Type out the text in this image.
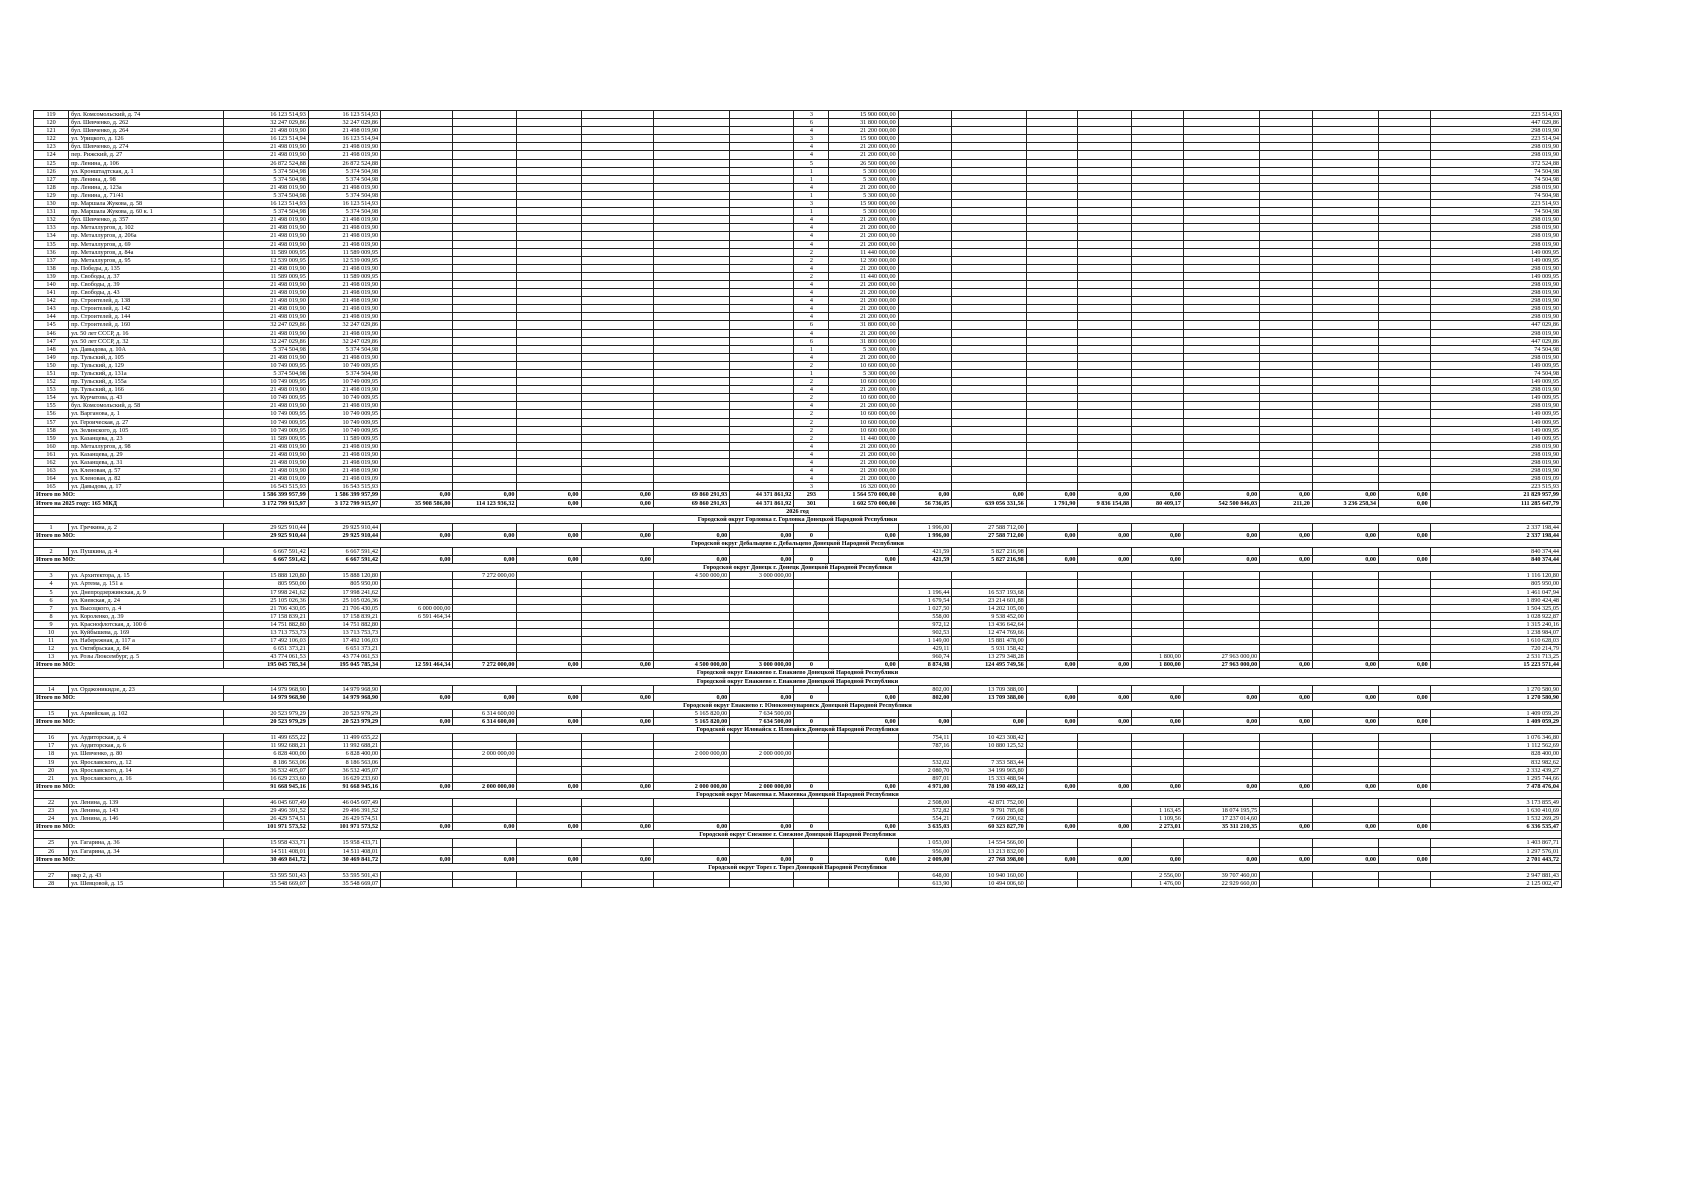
119	бул. Комсомольский, д. 74	16 123 514,93	16 123 514,93							3	15 900 000,00										223 514,93
120	бул. Шевченко, д. 262	32 247 029,86	32 247 029,86							6	31 800 000,00										447 029,86
121	бул. Шевченко, д. 264	21 498 019,90	21 498 019,90							4	21 200 000,00										298 019,90
122	ул. Урицкого, д. 126	16 123 514,94	16 123 514,94							3	15 900 000,00										223 514,94
123	бул. Шевченко, д. 274	21 498 019,90	21 498 019,90							4	21 200 000,00										298 019,90
124	пер. Рижский, д. 27	21 498 019,90	21 498 019,90							4	21 200 000,00										298 019,90
125	пр. Ленина, д. 106	26 872 524,88	26 872 524,88							5	26 500 000,00										372 524,88
126	ул. Кронштадтская, д. 1	5 374 504,98	5 374 504,98							1	5 300 000,00										74 504,98
127	пр. Ленина, д. 98	5 374 504,98	5 374 504,98							1	5 300 000,00										74 504,98
128	пр. Ленина, д. 123а	21 498 019,90	21 498 019,90							4	21 200 000,00										298 019,90
129	пр. Ленина, д. 71/41	5 374 504,98	5 374 504,98							1	5 300 000,00										74 504,98
130	пр. Маршала Жукова, д. 58	16 123 514,93	16 123 514,93							3	15 900 000,00										223 514,93
131	пр. Маршала Жукова, д. 60 к. 1	5 374 504,98	5 374 504,98							1	5 300 000,00										74 504,98
132	бул. Шевченко, д. 357	21 498 019,90	21 498 019,90							4	21 200 000,00										298 019,90
133	пр. Металлургов, д. 102	21 498 019,90	21 498 019,90							4	21 200 000,00										298 019,90
134	пр. Металлургов, д. 206а	21 498 019,90	21 498 019,90							4	21 200 000,00										298 019,90
135	пр. Металлургов, д. 69	21 498 019,90	21 498 019,90							4	21 200 000,00										298 019,90
136	пр. Металлургов, д. 84а	11 589 009,95	11 589 009,95							2	11 440 000,00										149 009,95
137	пр. Металлургов, д. 95	12 539 009,95	12 539 009,95							2	12 390 000,00										149 009,95
138	пр. Победы, д. 135	21 498 019,90	21 498 019,90							4	21 200 000,00										298 019,90
139	пр. Свободы, д. 37	11 589 009,95	11 589 009,95							2	11 440 000,00										149 009,95
140	пр. Свободы, д. 39	21 498 019,90	21 498 019,90							4	21 200 000,00										298 019,90
141	пр. Свободы, д. 43	21 498 019,90	21 498 019,90							4	21 200 000,00										298 019,90
142	пр. Строителей, д. 138	21 498 019,90	21 498 019,90							4	21 200 000,00										298 019,90
143	пр. Строителей, д. 142	21 498 019,90	21 498 019,90							4	21 200 000,00										298 019,90
144	пр. Строителей, д. 144	21 498 019,90	21 498 019,90							4	21 200 000,00										298 019,90
145	пр. Строителей, д. 160	32 247 029,86	32 247 029,86							6	31 800 000,00										447 029,86
146	ул. 50 лет СССР, д. 16	21 498 019,90	21 498 019,90							4	21 200 000,00										298 019,90
147	ул. 50 лет СССР, д. 32	32 247 029,86	32 247 029,86							6	31 800 000,00										447 029,86
148	ул. Давыдова, д. 10А	5 374 504,98	5 374 504,98							1	5 300 000,00										74 504,98
149	пр. Тульский, д. 105	21 498 019,90	21 498 019,90							4	21 200 000,00										298 019,90
150	пр. Тульский, д. 129	10 749 009,95	10 749 009,95							2	10 600 000,00										149 009,95
151	пр. Тульский, д. 131а	5 374 504,98	5 374 504,98							1	5 300 000,00										74 504,98
152	пр. Тульский, д. 155а	10 749 009,95	10 749 009,95							2	10 600 000,00										149 009,95
153	пр. Тульский, д. 166	21 498 019,90	21 498 019,90							4	21 200 000,00										298 019,90
154	ул. Курчатова, д. 43	10 749 009,95	10 749 009,95							2	10 600 000,00										149 009,95
155	бул. Комсомольский, д. 58	21 498 019,90	21 498 019,90							4	21 200 000,00										298 019,90
156	ул. Варганова, д. 1	10 749 009,95	10 749 009,95							2	10 600 000,00										149 009,95
157	ул. Героическая, д. 27	10 749 009,95	10 749 009,95							2	10 600 000,00										149 009,95
158	ул. Зелинского, д. 105	10 749 009,95	10 749 009,95							2	10 600 000,00										149 009,95
159	ул. Казанцева, д. 23	11 589 009,95	11 589 009,95							2	11 440 000,00										149 009,95
160	пр. Металлургов, д. 98	21 498 019,90	21 498 019,90							4	21 200 000,00										298 019,90
161	ул. Казанцева, д. 29	21 498 019,90	21 498 019,90							4	21 200 000,00										298 019,90
162	ул. Казанцева, д. 31	21 498 019,90	21 498 019,90							4	21 200 000,00										298 019,90
163	ул. Кленовая, д. 57	21 498 019,90	21 498 019,90							4	21 200 000,00										298 019,90
164	ул. Кленовая, д. 82	21 498 019,09	21 498 019,09							4	21 200 000,00										298 019,09
165	ул. Давыдова, д. 17	16 543 515,93	16 543 515,93							3	16 320 000,00										223 515,93
Итого по МО:		1 586 399 957,99	1 586 399 957,99	0,00	0,00	0,00	0,00	69 860 291,93	44 371 861,92	293	1 564 570 000,00	0,00	0,00	0,00	0,00	0,00	0,00	0,00	0,00	0,00	21 829 957,99
Итого на 2025 году: 165 МКД		3 172 799 915,97	3 172 799 915,97	35 908 586,80	114 123 936,32	0,00	0,00	69 860 291,93	44 371 861,92	301	1 602 570 000,00	56 736,05	639 056 331,56	1 791,90	9 836 154,88	80 409,17	542 500 846,03	211,20	3 236 258,34	0,00	111 285 647,79
2026 год																					
Городской округ Горловка г. Горловка Донецкой Народной Республики																					
1	ул. Гречкина, д. 2	29 925 910,44	29 925 910,44									1 996,00	27 588 712,00								2 337 198,44
Итого по МО:		29 925 910,44	29 925 910,44	0,00	0,00	0,00	0,00	0,00	0,00	0	0,00	1 996,00	27 588 712,00	0,00	0,00	0,00	0,00	0,00	0,00	0,00	2 337 198,44
Городской округ Дебальцево г. Дебальцево Донецкой Народной Республики																					
2	ул. Пушкина, д. 4	6 667 591,42	6 667 591,42									421,59	5 827 216,98								840 374,44
Итого по МО:		6 667 591,42	6 667 591,42	0,00	0,00	0,00	0,00	0,00	0,00	0	0,00	421,59	5 827 216,98	0,00	0,00	0,00	0,00	0,00	0,00	0,00	840 374,44
Городской округ Донецк г. Донецк Донецкой Народной Республики																					
3	ул. Архитектора, д. 15	15 888 120,80	15 888 120,80		7 272 000,00			4 500 000,00	3 000 000,00												1 116 120,80
4	ул. Артема, д. 151 а	805 950,00	805 950,00																		805 950,00
5	ул. Днепродзержинская, д. 9	17 998 241,62	17 998 241,62									1 196,44	16 537 193,68								1 461 047,94
6	ул. Киевская, д. 24	25 105 026,36	25 105 026,36									1 679,54	23 214 601,88								1 890 424,48
7	ул. Высоцкого, д. 4	21 706 430,05	21 706 430,05	6 000 000,00								1 027,50	14 202 105,00								1 504 325,05
8	ул. Короленко, д. 39	17 158 839,21	17 158 839,21	6 591 464,34								558,00	9 538 452,00								1 028 922,87
9	ул. Краснофлотская, д. 100 б	14 751 882,80	14 751 882,80									972,12	13 436 642,64								1 315 240,16
10	ул. Куйбышева, д. 169	13 713 753,73	13 713 753,73									902,53	12 474 769,66								1 238 984,07
11	ул. Набережная, д. 117 а	17 492 106,03	17 492 106,03									1 149,00	15 881 478,00								1 610 628,03
12	ул. Октябрьская, д. 84	6 651 373,21	6 651 373,21									429,11	5 931 158,42								720 214,79
13	ул. Розы Люксембург, д. 5	43 774 061,53	43 774 061,53									960,74	13 279 348,28			1 800,00	27 963 000,00				2 531 713,25
Итого по МО:		195 045 785,34	195 045 785,34	12 591 464,34	7 272 000,00	0,00	0,00	4 500 000,00	3 000 000,00	0	0,00	8 874,98	124 495 749,56	0,00	0,00	1 800,00	27 963 000,00	0,00	0,00	0,00	15 223 571,44
Городской округ Енакиево г. Енакиево Донецкой Народной Республики																					
Городской округ Енакиево г. Енакиево Донецкой Народной Республики																					
14	ул. Орджоникидзе, д. 23	14 979 968,90	14 979 968,90									802,00	13 709 388,00								1 270 580,90
Итого по МО:		14 979 968,90	14 979 968,90	0,00	0,00	0,00	0,00	0,00	0,00	0	0,00	802,00	13 709 388,00	0,00	0,00	0,00	0,00	0,00	0,00	0,00	1 270 580,90
Городской округ Енакиево г. Юнокоммунаровск Донецкой Народной Республики																					
15	ул. Армейская, д. 102	20 523 979,29	20 523 979,29		6 314 600,00			5 165 820,00	7 634 500,00												1 409 059,29
Итого по МО:		20 523 979,29	20 523 979,29	0,00	6 314 600,00	0,00	0,00	5 165 820,00	7 634 500,00	0	0,00	0,00	0,00	0,00	0,00	0,00	0,00	0,00	0,00	0,00	1 409 059,29
Городской округ Иловайск г. Иловайск Донецкой Народной Республики																					
16	ул. Аудиторская, д. 4	11 499 655,22	11 499 655,22									754,11	10 423 308,42								1 076 346,80
17	ул. Аудиторская, д. 6	11 992 688,21	11 992 688,21									787,16	10 880 125,52								1 112 562,69
18	ул. Шевченко, д. 80	6 828 400,00	6 828 400,00		2 000 000,00			2 000 000,00	2 000 000,00												828 400,00
19	ул. Ярославского, д. 12	8 186 563,06	8 186 563,06									532,02	7 353 583,44								832 982,62
20	ул. Ярославского, д. 14	36 532 405,07	36 532 405,07									2 080,70	34 199 965,80								2 332 439,27
21	ул. Ярославского, д. 16	16 629 233,60	16 629 233,60									897,01	15 333 488,94								1 295 744,66
Итого по МО:		91 668 945,16	91 668 945,16	0,00	2 000 000,00	0,00	0,00	2 000 000,00	2 000 000,00	0	0,00	4 971,00	78 190 469,12	0,00	0,00	0,00	0,00	0,00	0,00	0,00	7 478 476,04
Городской округ Макеевка г. Макеевка Донецкой Народной Республики																					
22	ул. Ленина, д. 139	46 045 607,49	46 045 607,49									2 508,00	42 871 752,00								3 173 855,49
23	ул. Ленина, д. 143	29 496 391,52	29 496 391,52									572,82	9 791 785,08			1 163,45	18 074 195,75				1 630 410,69
24	ул. Ленина, д. 146	26 429 574,51	26 429 574,51									554,21	7 660 290,62			1 109,56	17 237 014,60				1 532 269,29
Итого по МО:		101 971 573,52	101 971 573,52	0,00	0,00	0,00	0,00	0,00	0,00	0	0,00	3 635,03	60 323 827,70	0,00	0,00	2 273,01	35 311 210,35	0,00	0,00	0,00	6 336 535,47
Городской округ Снежное г. Снежное Донецкой Народной Республики																					
25	ул. Гагарина, д. 36	15 958 433,71	15 958 433,71									1 053,00	14 554 566,00								1 403 867,71
26	ул. Гагарина, д. 34	14 511 408,01	14 511 408,01									956,00	13 213 832,00								1 297 576,01
Итого по МО:		30 469 841,72	30 469 841,72	0,00	0,00	0,00	0,00	0,00	0,00	0	0,00	2 009,00	27 768 398,00	0,00	0,00	0,00	0,00	0,00	0,00	0,00	2 701 443,72
Городской округ Торез г. Торез Донецкой Народной Республики																					
27	мкр 2, д. 43	53 595 501,43	53 595 501,43									648,00	10 940 160,00			2 556,00	39 707 460,00				2 947 881,43
28	ул. Шевцовой, д. 15	35 548 669,07	35 548 669,07									613,90	10 494 006,60			1 476,00	22 929 660,00				2 125 002,47
